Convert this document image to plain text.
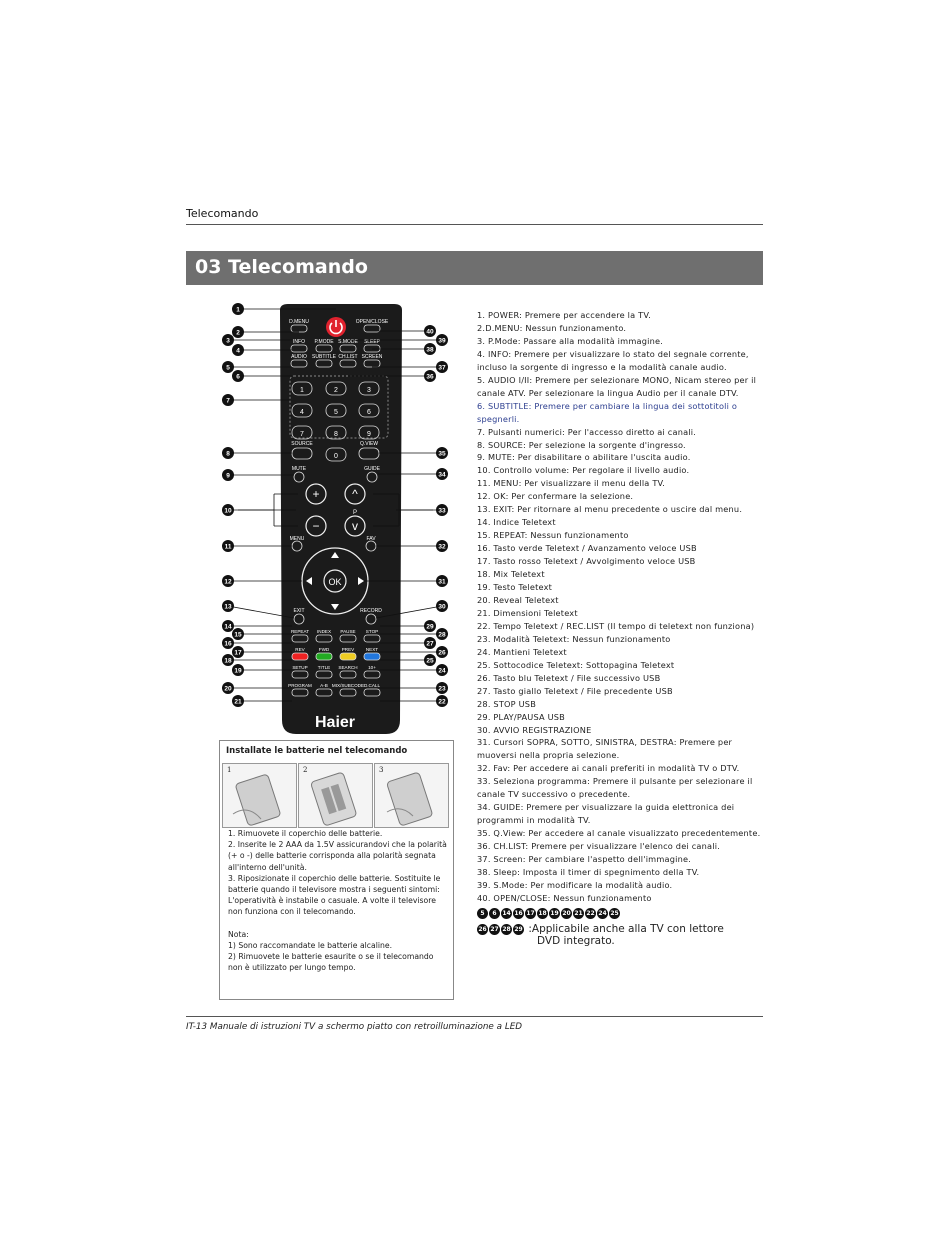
Telecomando
03 Telecomando
D.MENU	OPEN/CLOSE
INFO P.MODE S.MODE SLEEP
AUDIO SUBTITLE CH.LIST SCREEN
1	2	3
4	5	6
7	8	9
SOURCE
0
Q.VIEW
MUTE	GUIDE
+
−
^
v
P
MENU	FAV
OK
EXIT	RECORD
REPEAT INDEX PAUSE STOP
REV	FWD	PREV	NEXT
SETUP TITLE SEARCH 10+
PROGRAM A-B MIX/SUBCODE D.CALL
Haier
1
2
3
4
5
6
7
8
9
10
11
12
13
14
15
16
17
18
19
20
21
40
39
38
37
36
35
34
33
32
31
30
29
28
27
26
25
24
23
22
1. POWER: Premere per accendere la TV.
2.D.MENU: Nessun funzionamento.
3. P.Mode: Passare alla modalità immagine.
4. INFO: Premere per visualizzare lo stato del segnale corrente, incluso la sorgente di ingresso e la modalità canale audio.
5. AUDIO I/II: Premere per selezionare MONO, Nicam stereo per il canale ATV. Per selezionare la lingua Audio per il canale DTV.
6. SUBTITLE: Premere per cambiare la lingua dei sottotitoli o spegnerli.
7. Pulsanti numerici: Per l'accesso diretto ai canali.
8. SOURCE: Per selezione la sorgente d'ingresso.
9. MUTE: Per disabilitare o abilitare l'uscita audio.
10. Controllo volume: Per regolare il livello audio.
11. MENU: Per visualizzare il menu della TV.
12. OK: Per confermare la selezione.
13. EXIT: Per ritornare al menu precedente o uscire dal menu.
14. Indice Teletext
15. REPEAT: Nessun funzionamento
16. Tasto verde Teletext / Avanzamento veloce USB
17. Tasto rosso Teletext / Avvolgimento veloce USB
18. Mix Teletext
19. Testo Teletext
20. Reveal Teletext
21. Dimensioni Teletext
22. Tempo Teletext / REC.LIST (Il tempo di teletext non funziona)
23. Modalità Teletext: Nessun funzionamento
24. Mantieni Teletext
25. Sottocodice Teletext: Sottopagina Teletext
26. Tasto blu Teletext / File successivo USB
27. Tasto giallo Teletext / File precedente USB
28. STOP USB
29. PLAY/PAUSA USB
30. AVVIO REGISTRAZIONE
31. Cursori SOPRA, SOTTO, SINISTRA, DESTRA: Premere per muoversi nella propria selezione.
32. Fav: Per accedere ai canali preferiti in modalità TV o DTV.
33. Seleziona programma: Premere il pulsante per selezionare il canale TV successivo o precedente.
34. GUIDE: Premere per visualizzare la guida elettronica dei programmi in modalità TV.
35. Q.View: Per accedere al canale visualizzato precedentemente.
36. CH.LIST: Premere per visualizzare l'elenco dei canali.
37. Screen: Per cambiare l'aspetto dell'immagine.
38. Sleep: Imposta il timer di spegnimento della TV.
39. S.Mode: Per modificare la modalità audio.
40. OPEN/CLOSE: Nessun funzionamento
5 6 14 16 17 18 19 20 21 22 24 25
26 27 28 29 :Applicabile anche alla TV con lettore
DVD integrato.
Installate le batterie nel telecomando
1	2	3
1. Rimuovete il coperchio delle batterie.
2. Inserite le 2 AAA da 1.5V assicurandovi che la polarità (+ o -) delle batterie corrisponda alla polarità segnata all'interno dell'unità.
3. Riposizionate il coperchio delle batterie. Sostituite le batterie quando il televisore mostra i seguenti sintomi: L'operatività è instabile o casuale. A volte il televisore non funziona con il telecomando.

Nota:
1) Sono raccomandate le batterie alcaline.
2) Rimuovete le batterie esaurite o se il telecomando non è utilizzato per lungo tempo.
IT-13 Manuale di istruzioni TV a schermo piatto con retroilluminazione a LED
